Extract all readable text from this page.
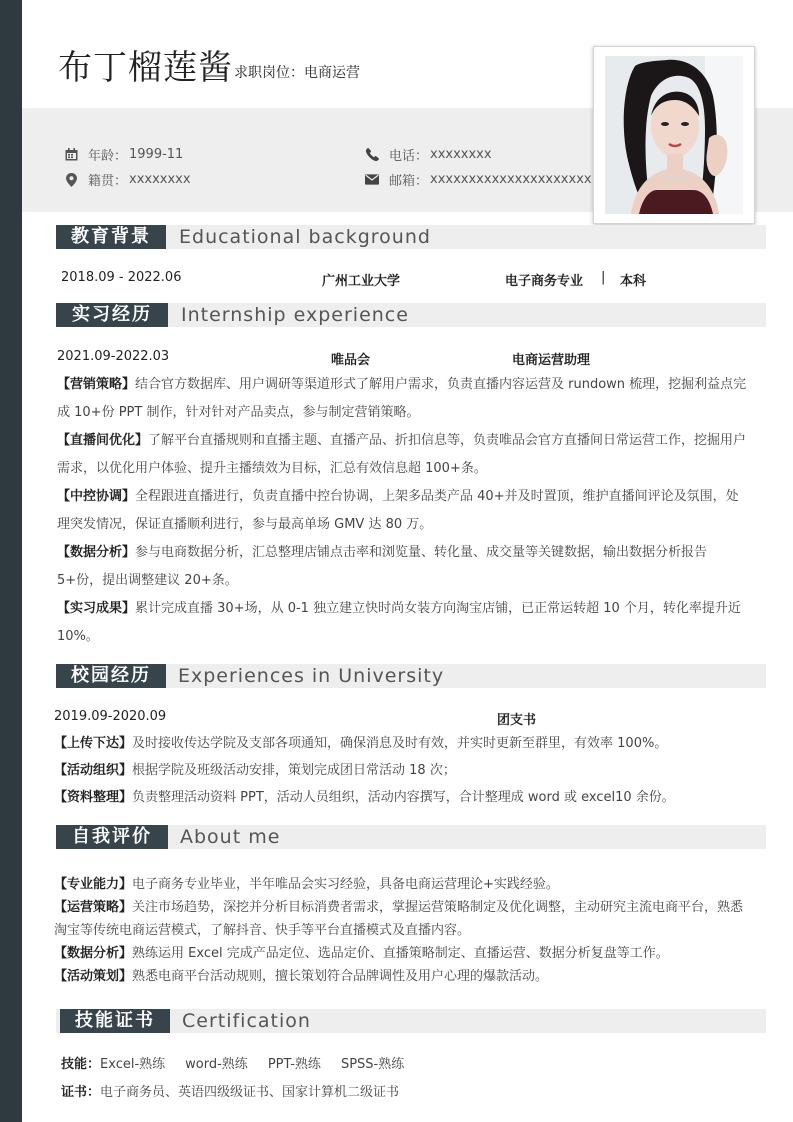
布丁榴莲酱 求职岗位： 电商运营
年龄： 1999-11
籍贯： xxxxxxxx
电话： xxxxxxxx
邮箱： xxxxxxxxxxxxxxxxxxxxx
教育背景	Educational background
2018.09 - 2022.06	广州工业大学	电子商务专业 | 本科
实习经历	Internship experience
2021.09-2022.03	唯品会	电商运营助理
【营销策略】结合官方数据库、用户调研等渠道形式了解用户需求，负责直播内容运营及 rundown 梳理，挖掘利益点完成 10+份 PPT 制作，针对针对产品卖点，参与制定营销策略。
【直播间优化】了解平台直播规则和直播主题、直播产品、折扣信息等，负责唯品会官方直播间日常运营工作，挖掘用户需求，以优化用户体验、提升主播绩效为目标，汇总有效信息超 100+条。
【中控协调】全程跟进直播进行，负责直播中控台协调，上架多品类产品 40+并及时置顶，维护直播间评论及氛围，处理突发情况，保证直播顺利进行，参与最高单场 GMV 达 80 万。
【数据分析】参与电商数据分析，汇总整理店铺点击率和浏览量、转化量、成交量等关键数据，输出数据分析报告 5+份，提出调整建议 20+条。
【实习成果】累计完成直播 30+场，从 0-1 独立建立快时尚女装方向淘宝店铺，已正常运转超 10 个月，转化率提升近 10%。
校园经历	Experiences in University
2019.09-2020.09	团支书
【上传下达】及时接收传达学院及支部各项通知，确保消息及时有效，并实时更新至群里，有效率 100%。
【活动组织】根据学院及班级活动安排，策划完成团日常活动 18 次；
【资料整理】负责整理活动资料 PPT，活动人员组织，活动内容撰写，合计整理成 word 或 excel10 余份。
自我评价	About me
【专业能力】电子商务专业毕业，半年唯品会实习经验，具备电商运营理论+实践经验。
【运营策略】关注市场趋势，深挖并分析目标消费者需求，掌握运营策略制定及优化调整，主动研究主流电商平台，熟悉淘宝等传统电商运营模式，了解抖音、快手等平台直播模式及直播内容。
【数据分析】熟练运用 Excel 完成产品定位、选品定价、直播策略制定、直播运营、数据分析复盘等工作。
【活动策划】熟悉电商平台活动规则，擅长策划符合品牌调性及用户心理的爆款活动。
技能证书	Certification
技能：Excel-熟练 word-熟练 PPT-熟练 SPSS-熟练
证书：电子商务员、英语四级级证书、国家计算机二级证书
